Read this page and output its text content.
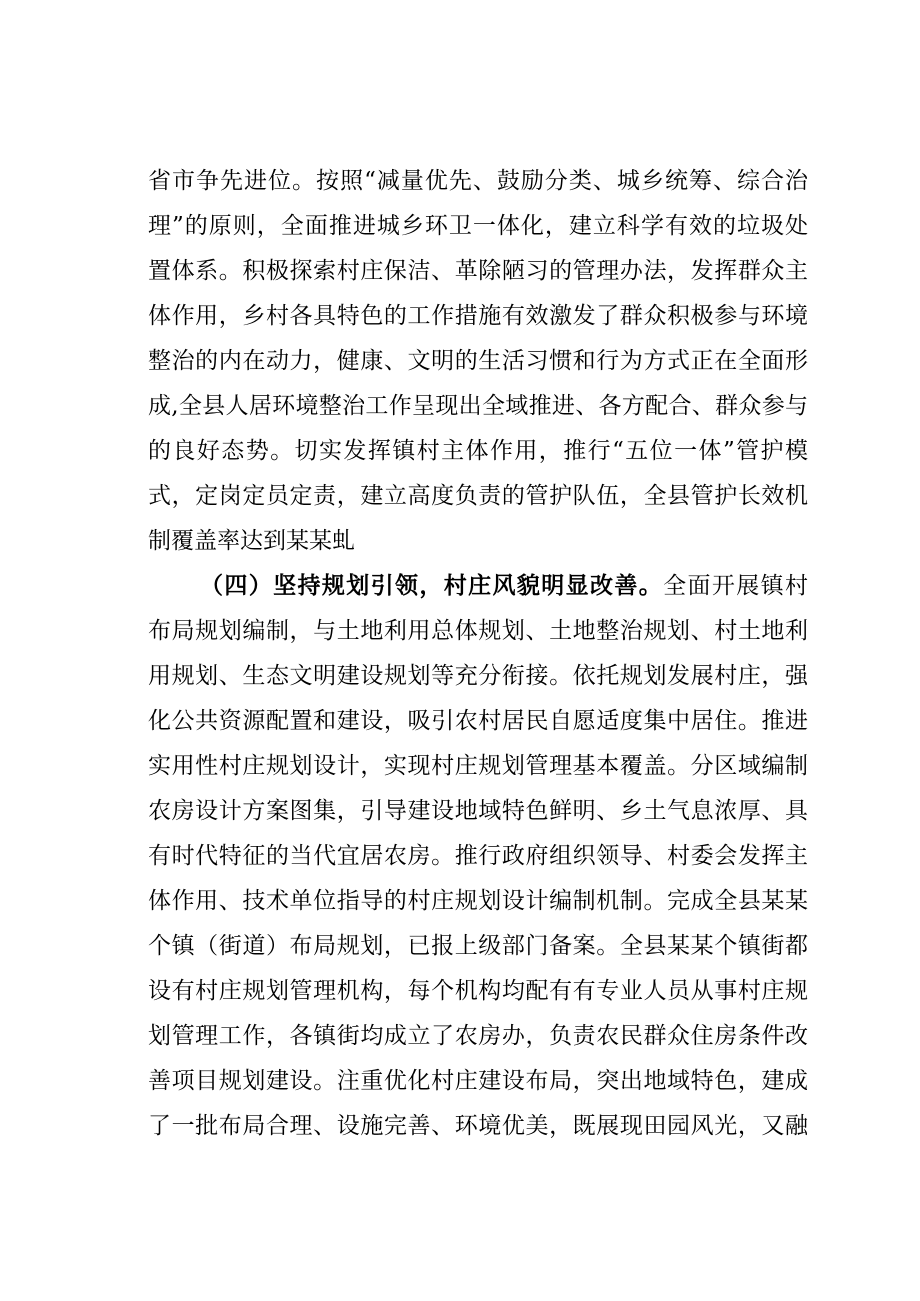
省市争先进位。按照“减量优先、鼓励分类、城乡统筹、综合治
理”的原则，全面推进城乡环卫一体化，建立科学有效的垃圾处
置体系。积极探索村庄保洁、革除陋习的管理办法，发挥群众主
体作用，乡村各具特色的工作措施有效激发了群众积极参与环境
整治的内在动力，健康、文明的生活习惯和行为方式正在全面形
成,全县人居环境整治工作呈现出全域推进、各方配合、群众参与
的良好态势。切实发挥镇村主体作用，推行“五位一体”管护模
式，定岗定员定责，建立高度负责的管护队伍，全县管护长效机
制覆盖率达到某某虬
（四）坚持规划引领，村庄风貌明显改善。全面开展镇村
布局规划编制，与土地利用总体规划、土地整治规划、村土地利
用规划、生态文明建设规划等充分衔接。依托规划发展村庄，强
化公共资源配置和建设，吸引农村居民自愿适度集中居住。推进
实用性村庄规划设计，实现村庄规划管理基本覆盖。分区域编制
农房设计方案图集，引导建设地域特色鲜明、乡土气息浓厚、具
有时代特征的当代宜居农房。推行政府组织领导、村委会发挥主
体作用、技术单位指导的村庄规划设计编制机制。完成全县某某
个镇（街道）布局规划，已报上级部门备案。全县某某个镇街都
设有村庄规划管理机构，每个机构均配有有专业人员从事村庄规
划管理工作，各镇街均成立了农房办，负责农民群众住房条件改
善项目规划建设。注重优化村庄建设布局，突出地域特色，建成
了一批布局合理、设施完善、环境优美，既展现田园风光，又融
